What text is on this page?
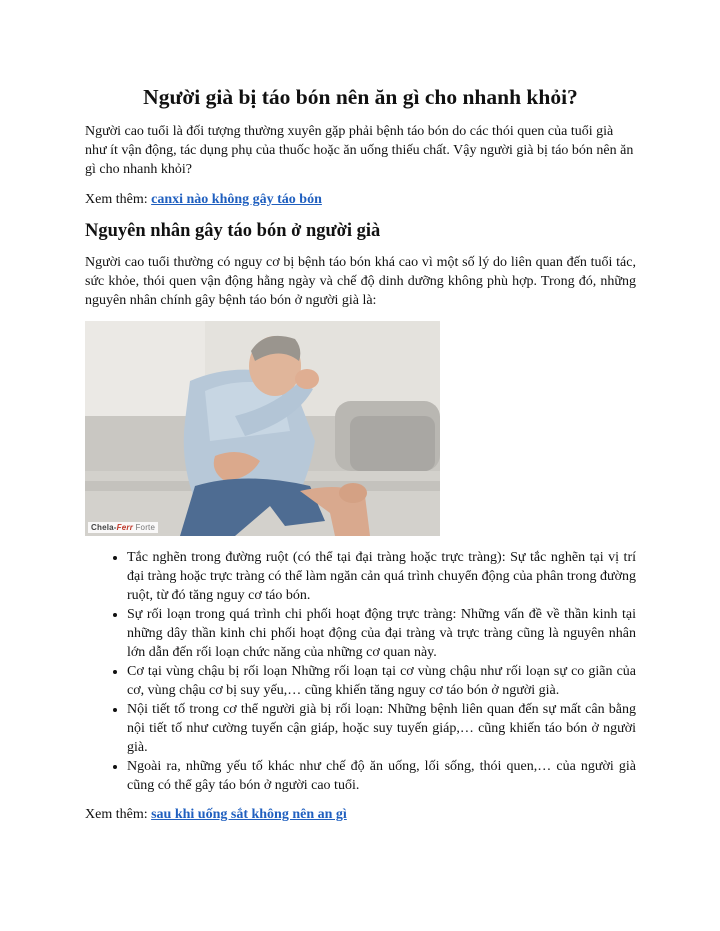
Người già bị táo bón nên ăn gì cho nhanh khỏi?

Người cao tuổi là đối tượng thường xuyên gặp phải bệnh táo bón do các thói quen của tuổi già như ít vận động, tác dụng phụ của thuốc hoặc ăn uống thiếu chất. Vậy người già bị táo bón nên ăn gì cho nhanh khỏi?

Xem thêm: canxi nào không gây táo bón

Nguyên nhân gây táo bón ở người già

Người cao tuổi thường có nguy cơ bị bệnh táo bón khá cao vì một số lý do liên quan đến tuổi tác, sức khỏe, thói quen vận động hằng ngày và chế độ dinh dưỡng không phù hợp. Trong đó, những nguyên nhân chính gây bệnh táo bón ở người già là:

Chela-Ferr Forte
• Tắc nghẽn trong đường ruột (có thể tại đại tràng hoặc trực tràng): Sự tắc nghẽn tại vị trí đại tràng hoặc trực tràng có thể làm ngăn cản quá trình chuyển động của phân trong đường ruột, từ đó tăng nguy cơ táo bón.
• Sự rối loạn trong quá trình chi phối hoạt động trực tràng: Những vấn đề về thần kinh tại những dây thần kinh chi phối hoạt động của đại tràng và trực tràng cũng là nguyên nhân lớn dẫn đến rối loạn chức năng của những cơ quan này.
• Cơ tại vùng chậu bị rối loạn Những rối loạn tại cơ vùng chậu như rối loạn sự co giãn của cơ, vùng chậu cơ bị suy yếu,… cũng khiến tăng nguy cơ táo bón ở người già.
• Nội tiết tố trong cơ thể người già bị rối loạn: Những bệnh liên quan đến sự mất cân bằng nội tiết tố như cường tuyến cận giáp, hoặc suy tuyến giáp,… cũng khiến táo bón ở người già.
• Ngoài ra, những yếu tố khác như chế độ ăn uống, lối sống, thói quen,… của người già cũng có thể gây táo bón ở người cao tuổi.

Xem thêm: sau khi uống sắt không nên an gì
